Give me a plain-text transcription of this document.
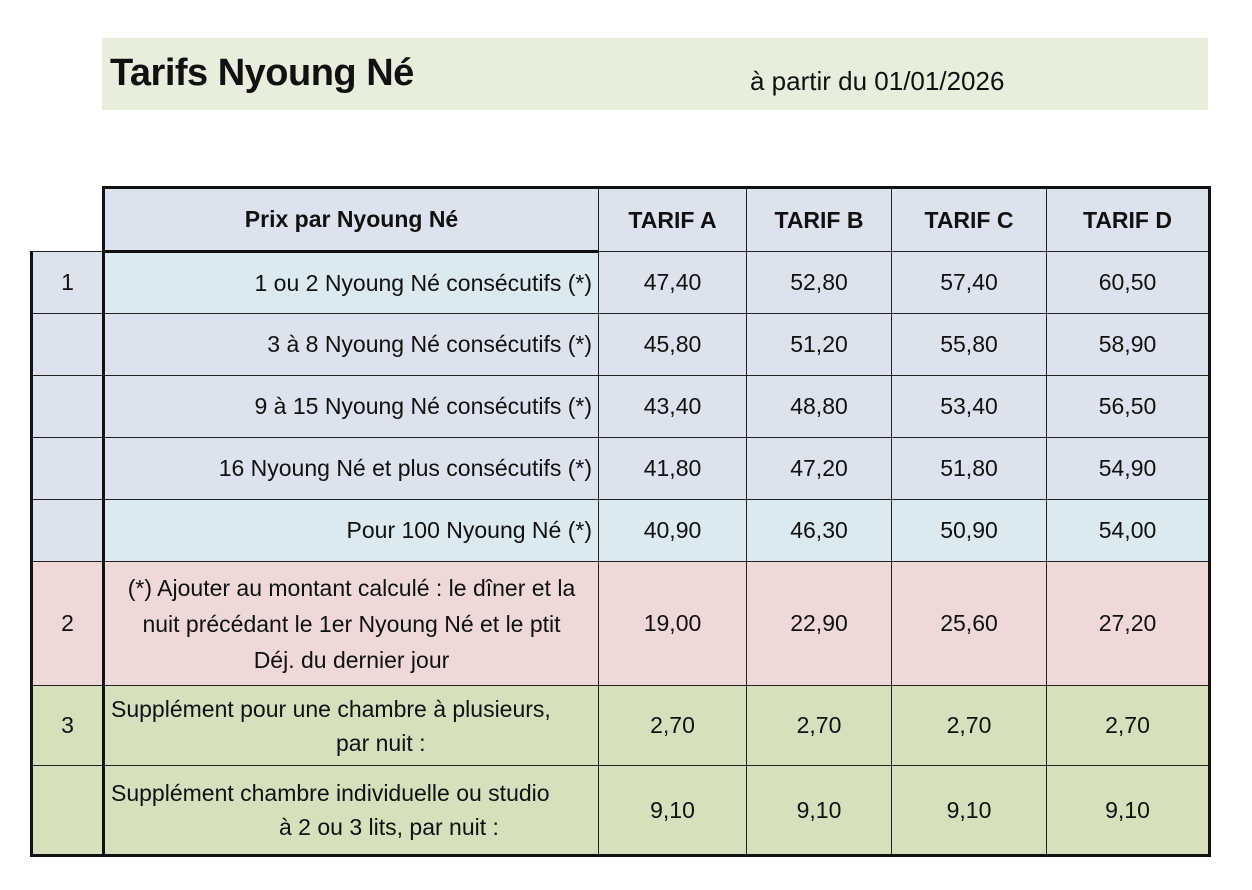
Tarifs Nyoung Né	à partir du 01/01/2026
	Prix par Nyoung Né	TARIF A	TARIF B	TARIF C	TARIF D
1	1 ou 2 Nyoung Né consécutifs (*)	47,40	52,80	57,40	60,50
	3 à 8 Nyoung Né consécutifs (*)	45,80	51,20	55,80	58,90
	9 à 15 Nyoung Né consécutifs (*)	43,40	48,80	53,40	56,50
	16 Nyoung Né et plus consécutifs (*)	41,80	47,20	51,80	54,90
	Pour 100 Nyoung Né (*)	40,90	46,30	50,90	54,00
2	(*) Ajouter au montant calculé : le dîner et la
nuit précédant le 1er Nyoung Né et le ptit
Déj. du dernier jour	19,00	22,90	25,60	27,20
3	Supplément pour une chambre à plusieurs,
par nuit :	2,70	2,70	2,70	2,70

	Supplément chambre individuelle ou studio
à 2 ou 3 lits, par nuit :	9,10	9,10	9,10	9,10
